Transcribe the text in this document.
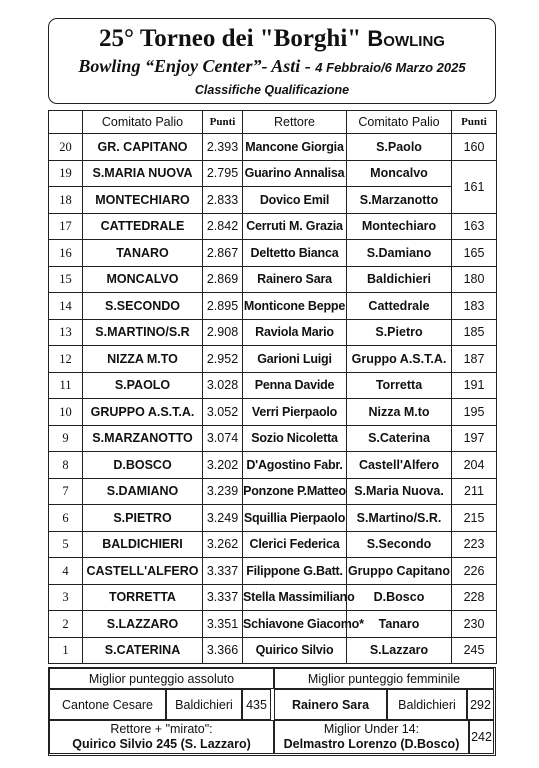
25° Torneo dei "Borghi" Bowling
Bowling “Enjoy Center”- Asti - 4 Febbraio/6 Marzo 2025
Classifiche Qualificazione
	Comitato Palio	Punti	Rettore	Comitato Palio	Punti
20	GR. CAPITANO	2.393	Mancone Giorgia	S.Paolo	160
19	S.MARIA NUOVA	2.795	Guarino Annalisa	Moncalvo	161
18	MONTECHIARO	2.833	Dovico Emil	S.Marzanotto	
17	CATTEDRALE	2.842	Cerruti M. Grazia	Montechiaro	163
16	TANARO	2.867	Deltetto Bianca	S.Damiano	165
15	MONCALVO	2.869	Rainero Sara	Baldichieri	180
14	S.SECONDO	2.895	Monticone Beppe	Cattedrale	183
13	S.MARTINO/S.R	2.908	Raviola Mario	S.Pietro	185
12	NIZZA M.TO	2.952	Garioni Luigi	Gruppo A.S.T.A.	187
11	S.PAOLO	3.028	Penna Davide	Torretta	191
10	GRUPPO A.S.T.A.	3.052	Verri Pierpaolo	Nizza M.to	195
9	S.MARZANOTTO	3.074	Sozio Nicoletta	S.Caterina	197
8	D.BOSCO	3.202	D'Agostino Fabr.	Castell'Alfero	204
7	S.DAMIANO	3.239	Ponzone P.Matteo	S.Maria Nuova.	211
6	S.PIETRO	3.249	Squillia Pierpaolo	S.Martino/S.R.	215
5	BALDICHIERI	3.262	Clerici Federica	S.Secondo	223
4	CASTELL'ALFERO	3.337	Filippone G.Batt.	Gruppo Capitano	226
3	TORRETTA	3.337	Stella Massimiliano	D.Bosco	228
2	S.LAZZARO	3.351	Schiavone Giacomo*	Tanaro	230
1	S.CATERINA	3.366	Quirico Silvio	S.Lazzaro	245
Miglior punteggio assoluto	Miglior punteggio femminile
Cantone Cesare	Baldichieri	435	Rainero Sara	Baldichieri	292
Rettore + "mirato":
Quirico Silvio 245 (S. Lazzaro)
Miglior Under 14:
Delmastro Lorenzo (D.Bosco) 242
